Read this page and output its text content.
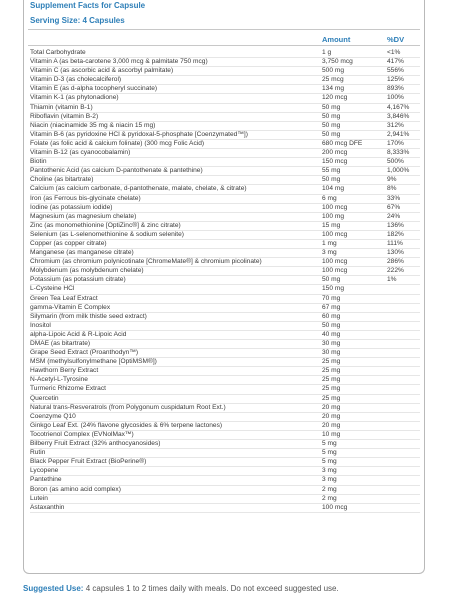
Supplement Facts for Capsule
Serving Size: 4 Capsules
Amount	%DV
Total Carbohydrate	1 g	<1%
Vitamin A (as beta-carotene 3,000 mcg & palmitate 750 mcg)	3,750 mcg	417%
Vitamin C (as ascorbic acid & ascorbyl palmitate)	500 mg	556%
Vitamin D-3 (as cholecalciferol)	25 mcg	125%
Vitamin E (as d-alpha tocopheryl succinate)	134 mg	893%
Vitamin K-1 (as phytonadione)	120 mcg	100%
Thiamin (vitamin B-1)	50 mg	4,167%
Riboflavin (vitamin B-2)	50 mg	3,846%
Niacin (niacinamide 35 mg & niacin 15 mg)	50 mg	312%
Vitamin B-6 (as pyridoxine HCl & pyridoxal-5-phosphate [Coenzymated™])	50 mg	2,941%
Folate (as folic acid & calcium folinate) (300 mcg Folic Acid)	680 mcg DFE	170%
Vitamin B-12 (as cyanocobalamin)	200 mcg	8,333%
Biotin	150 mcg	500%
Pantothenic Acid (as calcium D-pantothenate & pantethine)	55 mg	1,000%
Choline (as bitartrate)	50 mg	9%
Calcium (as calcium carbonate, d-pantothenate, malate, chelate, & citrate)	104 mg	8%
Iron (as Ferrous bis-glycinate chelate)	6 mg	33%
Iodine (as potassium iodide)	100 mcg	67%
Magnesium (as magnesium chelate)	100 mg	24%
Zinc (as monomethionine [OptiZinc®] & zinc citrate)	15 mg	136%
Selenium (as L-selenomethionine & sodium selenite)	100 mcg	182%
Copper (as copper citrate)	1 mg	111%
Manganese (as manganese citrate)	3 mg	130%
Chromium (as chromium polynicotinate [ChromeMate®] & chromium picolinate)	100 mcg	286%
Molybdenum (as molybdenum chelate)	100 mcg	222%
Potassium (as potassium citrate)	50 mg	1%
L-Cysteine HCl	150 mg
Green Tea Leaf Extract	70 mg
gamma-Vitamin E Complex	67 mg
Silymarin (from milk thistle seed extract)	60 mg
Inositol	50 mg
alpha-Lipoic Acid & R-Lipoic Acid	40 mg
DMAE (as bitartrate)	30 mg
Grape Seed Extract (Proanthodyn™)	30 mg
MSM (methylsulfonylmethane [OptiMSM®])	25 mg
Hawthorn Berry Extract	25 mg
N-Acetyl-L-Tyrosine	25 mg
Turmeric Rhizome Extract	25 mg
Quercetin	25 mg
Natural trans-Resveratrols (from Polygonum cuspidatum Root Ext.)	20 mg
Coenzyme Q10	20 mg
Ginkgo Leaf Ext. (24% flavone glycosides & 6% terpene lactones)	20 mg
Tocotrienol Complex (EVNolMax™)	10 mg
Bilberry Fruit Extract (32% anthocyanosides)	5 mg
Rutin	5 mg
Black Pepper Fruit Extract (BioPerine®)	5 mg
Lycopene	3 mg
Pantethine	3 mg
Boron (as amino acid complex)	2 mg
Lutein	2 mg
Astaxanthin	100 mcg
Suggested Use: 4 capsules 1 to 2 times daily with meals. Do not exceed suggested use.
